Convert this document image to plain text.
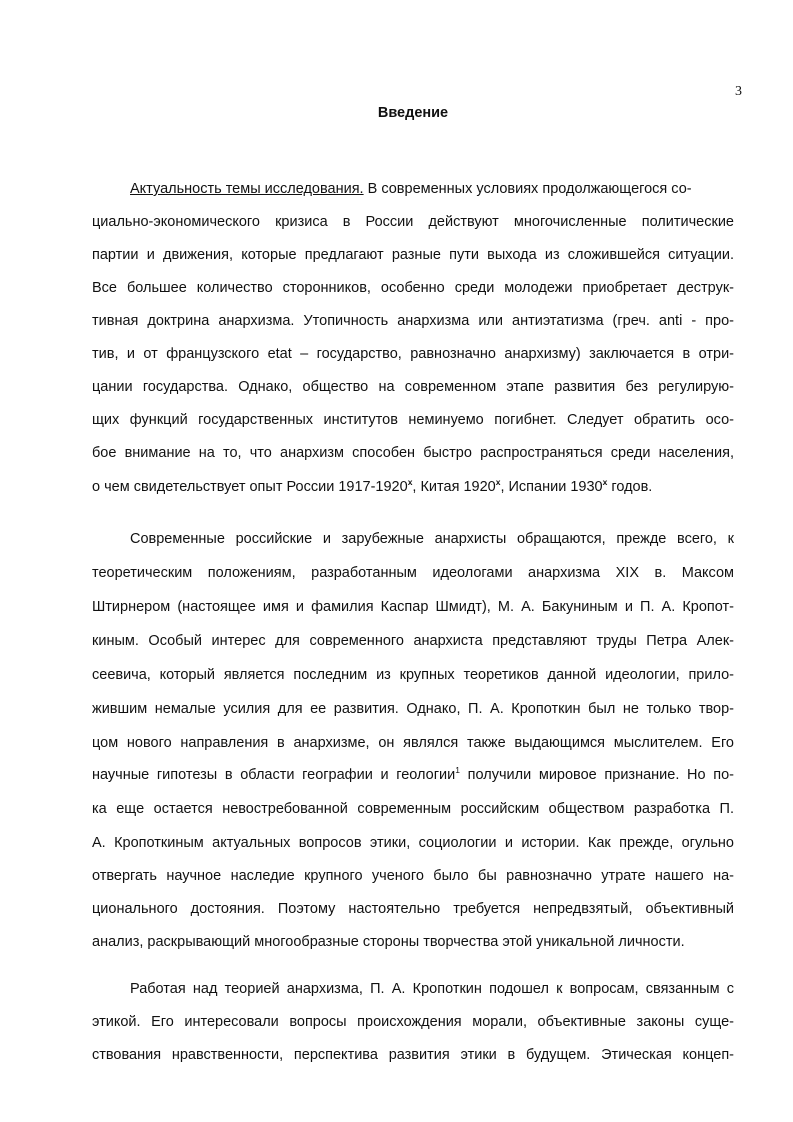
3
Введение
Актуальность темы исследования. В современных условиях продолжающегося со-
циально-экономического кризиса в России действуют многочисленные политические
партии и движения, которые предлагают разные пути выхода из сложившейся ситуации.
Все большее количество сторонников, особенно среди молодежи приобретает деструк-
тивная доктрина анархизма. Утопичность анархизма или антиэтатизма (греч. anti - про-
тив, и от французского etat – государство, равнозначно анархизму) заключается в отри-
цании государства. Однако, общество на современном этапе развития без регулирую-
щих функций государственных институтов неминуемо погибнет. Следует обратить осо-
бое внимание на то, что анархизм способен быстро распространяться среди населения,
о чем свидетельствует опыт России 1917-1920$^x$, Китая 1920$^x$, Испании 1930$^x$ годов.
Современные российские и зарубежные анархисты обращаются, прежде всего, к
теоретическим положениям, разработанным идеологами анархизма XIX в. Максом
Штирнером (настоящее имя и фамилия Каспар Шмидт), М. А. Бакуниным и П. А. Кропот-
киным. Особый интерес для современного анархиста представляют труды Петра Алек-
сеевича, который является последним из крупных теоретиков данной идеологии, прило-
жившим немалые усилия для ее развития. Однако, П. А. Кропоткин был не только твор-
цом нового направления в анархизме, он являлся также выдающимся мыслителем. Его
научные гипотезы в области географии и геологии$^1$ получили мировое признание. Но по-
ка еще остается невостребованной современным российским обществом разработка П.
А. Кропоткиным актуальных вопросов этики, социологии и истории. Как прежде, огульно
отвергать научное наследие крупного ученого было бы равнозначно утрате нашего на-
ционального достояния. Поэтому настоятельно требуется непредвзятый, объективный
анализ, раскрывающий многообразные стороны творчества этой уникальной личности.
Работая над теорией анархизма, П. А. Кропоткин подошел к вопросам, связанным с
этикой. Его интересовали вопросы происхождения морали, объективные законы суще-
ствования нравственности, перспектива развития этики в будущем. Этическая концеп-
